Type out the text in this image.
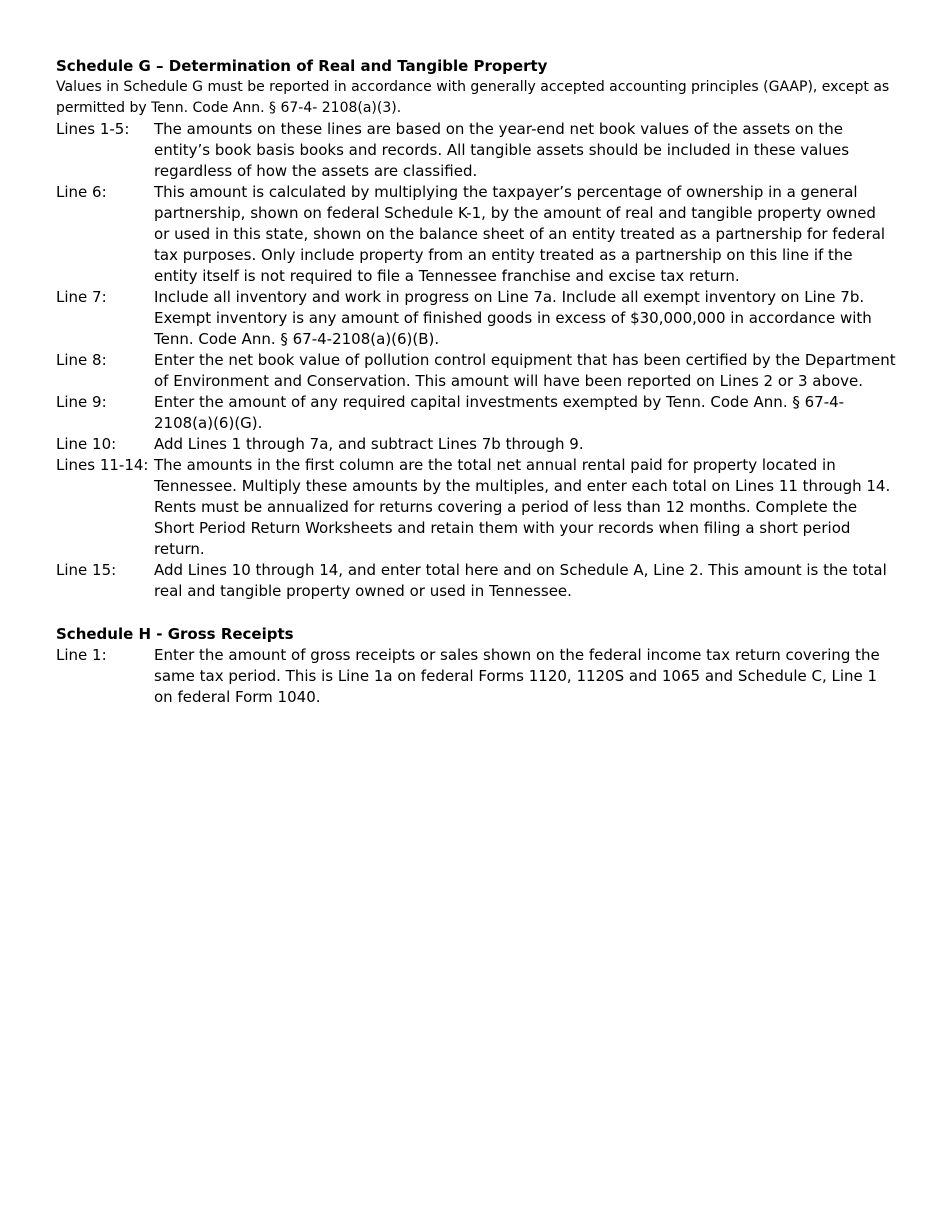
Schedule G – Determination of Real and Tangible Property

Values in Schedule G must be reported in accordance with generally accepted accounting principles (GAAP), except as permitted by Tenn. Code Ann. § 67-4- 2108(a)(3).

Lines 1-5:	The amounts on these lines are based on the year-end net book values of the assets on the entity’s book basis books and records. All tangible assets should be included in these values regardless of how the assets are classified.
Line 6:	This amount is calculated by multiplying the taxpayer’s percentage of ownership in a general partnership, shown on federal Schedule K-1, by the amount of real and tangible property owned or used in this state, shown on the balance sheet of an entity treated as a partnership for federal tax purposes. Only include property from an entity treated as a partnership on this line if the entity itself is not required to file a Tennessee franchise and excise tax return.
Line 7:	Include all inventory and work in progress on Line 7a. Include all exempt inventory on Line 7b. Exempt inventory is any amount of finished goods in excess of $30,000,000 in accordance with Tenn. Code Ann. § 67-4-2108(a)(6)(B).
Line 8:	Enter the net book value of pollution control equipment that has been certified by the Department of Environment and Conservation. This amount will have been reported on Lines 2 or 3 above.
Line 9:	Enter the amount of any required capital investments exempted by Tenn. Code Ann. § 67-4-2108(a)(6)(G).
Line 10:	Add Lines 1 through 7a, and subtract Lines 7b through 9.
Lines 11-14: The amounts in the first column are the total net annual rental paid for property located in Tennessee. Multiply these amounts by the multiples, and enter each total on Lines 11 through 14. Rents must be annualized for returns covering a period of less than 12 months. Complete the Short Period Return Worksheets and retain them with your records when filing a short period return.
Line 15:	Add Lines 10 through 14, and enter total here and on Schedule A, Line 2. This amount is the total real and tangible property owned or used in Tennessee.

Schedule H - Gross Receipts

Line 1:	Enter the amount of gross receipts or sales shown on the federal income tax return covering the same tax period. This is Line 1a on federal Forms 1120, 1120S and 1065 and Schedule C, Line 1 on federal Form 1040.
